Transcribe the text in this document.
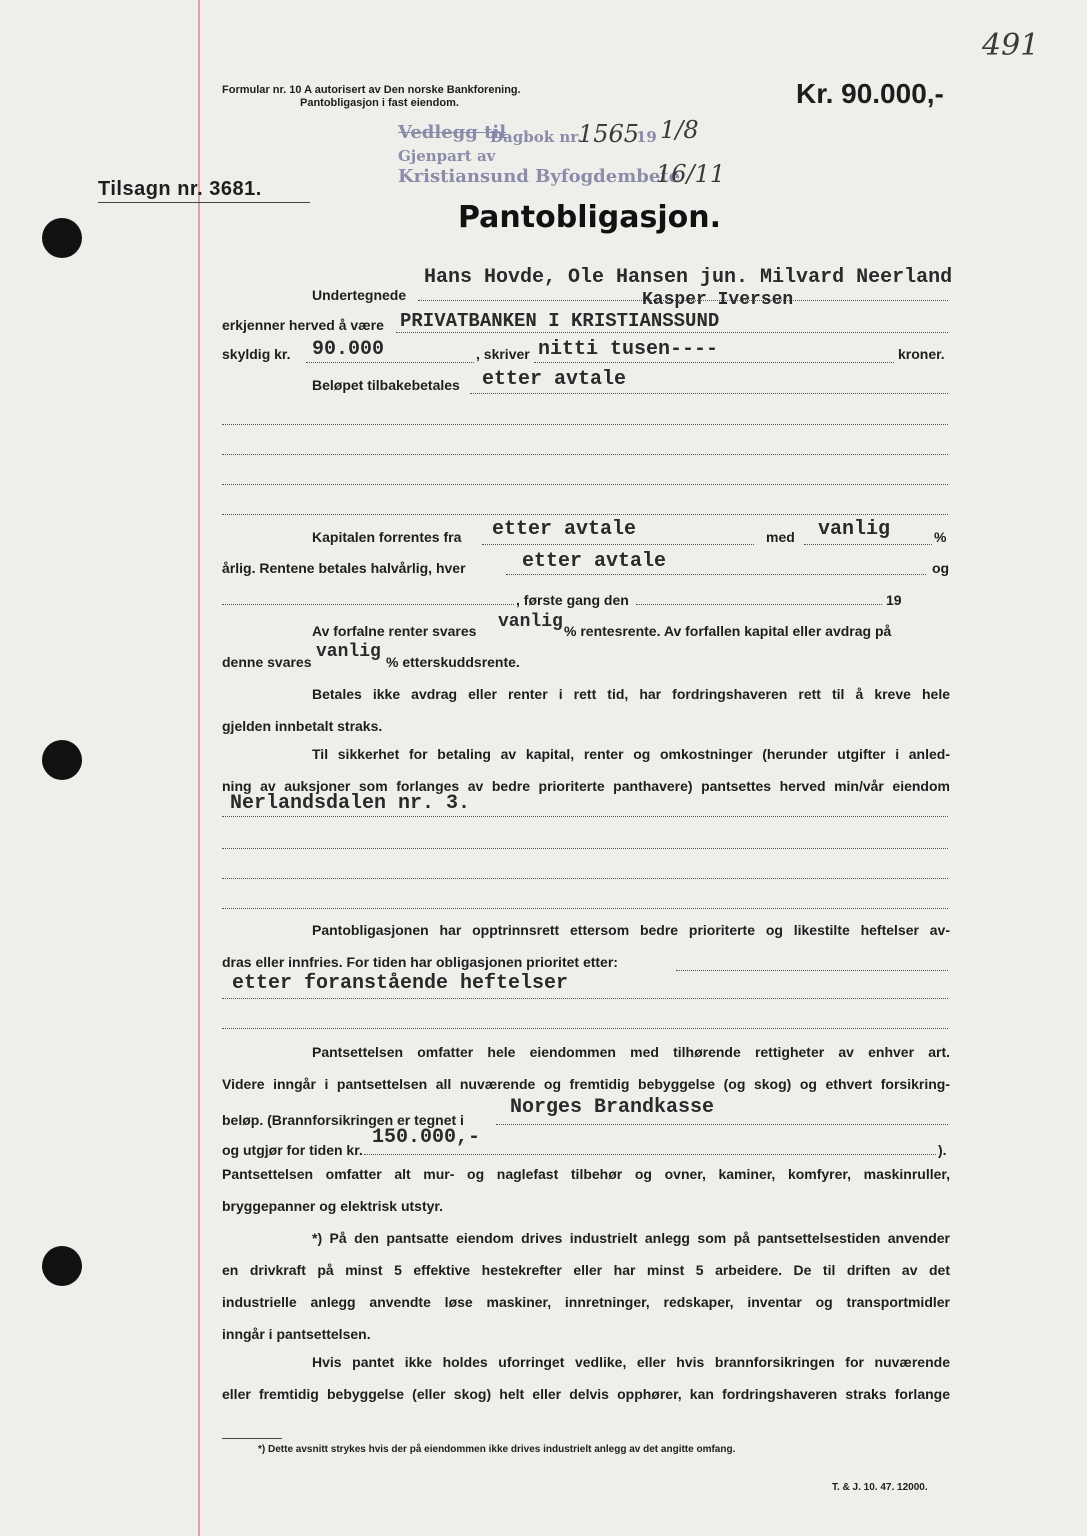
491
Formular nr. 10 A autorisert av Den norske Bankforening.
Pantobligasjon i fast eiendom.	Kr. 90.000,-
Vedlegg til
Dagbok nr.
1565
19 1/8
Gjenpart av
Kristiansund Byfogdembete
16/11
Tilsagn nr. 3681.
Pantobligasjon.
Undertegnede
Hans Hovde, Ole Hansen jun. Milvard Neerland
Kasper Iversen
erkjenner herved å være PRIVATBANKEN I KRISTIANSSUND
skyldig kr. 90.000	, skriver nitti tusen----	kroner.
Beløpet tilbakebetales etter avtale
Kapitalen forrentes fra etter avtale	med vanlig	%
årlig. Rentene betales halvårlig, hver	etter avtale	og
, første gang den	19
Av forfalne renter svares vanlig % rentesrente. Av forfallen kapital eller avdrag på
denne svares vanlig % etterskuddsrente.
Betales ikke avdrag eller renter i rett tid, har fordringshaveren rett til å kreve hele
gjelden innbetalt straks.
Til sikkerhet for betaling av kapital, renter og omkostninger (herunder utgifter i anled-
ning av auksjoner som forlanges av bedre prioriterte panthavere) pantsettes herved min/vår eiendom
Nerlandsdalen nr. 3.
Pantobligasjonen har opptrinnsrett ettersom bedre prioriterte og likestilte heftelser av-
dras eller innfries. For tiden har obligasjonen prioritet etter:
etter foranstående heftelser
Pantsettelsen omfatter hele eiendommen med tilhørende rettigheter av enhver art.
Videre inngår i pantsettelsen all nuværende og fremtidig bebyggelse (og skog) og ethvert forsikring-
beløp. (Brannforsikringen er tegnet i
Norges Brandkasse
og utgjør for tiden kr.
150.000,-
).
Pantsettelsen omfatter alt mur- og naglefast tilbehør og ovner, kaminer, komfyrer, maskinruller,
bryggepanner og elektrisk utstyr.
*) På den pantsatte eiendom drives industrielt anlegg som på pantsettelsestiden anvender
en drivkraft på minst 5 effektive hestekrefter eller har minst 5 arbeidere. De til driften av det
industrielle anlegg anvendte løse maskiner, innretninger, redskaper, inventar og transportmidler
inngår i pantsettelsen.
Hvis pantet ikke holdes uforringet vedlike, eller hvis brannforsikringen for nuværende
eller fremtidig bebyggelse (eller skog) helt eller delvis opphører, kan fordringshaveren straks forlange
*) Dette avsnitt strykes hvis der på eiendommen ikke drives industrielt anlegg av det angitte omfang.
T. & J. 10. 47. 12000.
